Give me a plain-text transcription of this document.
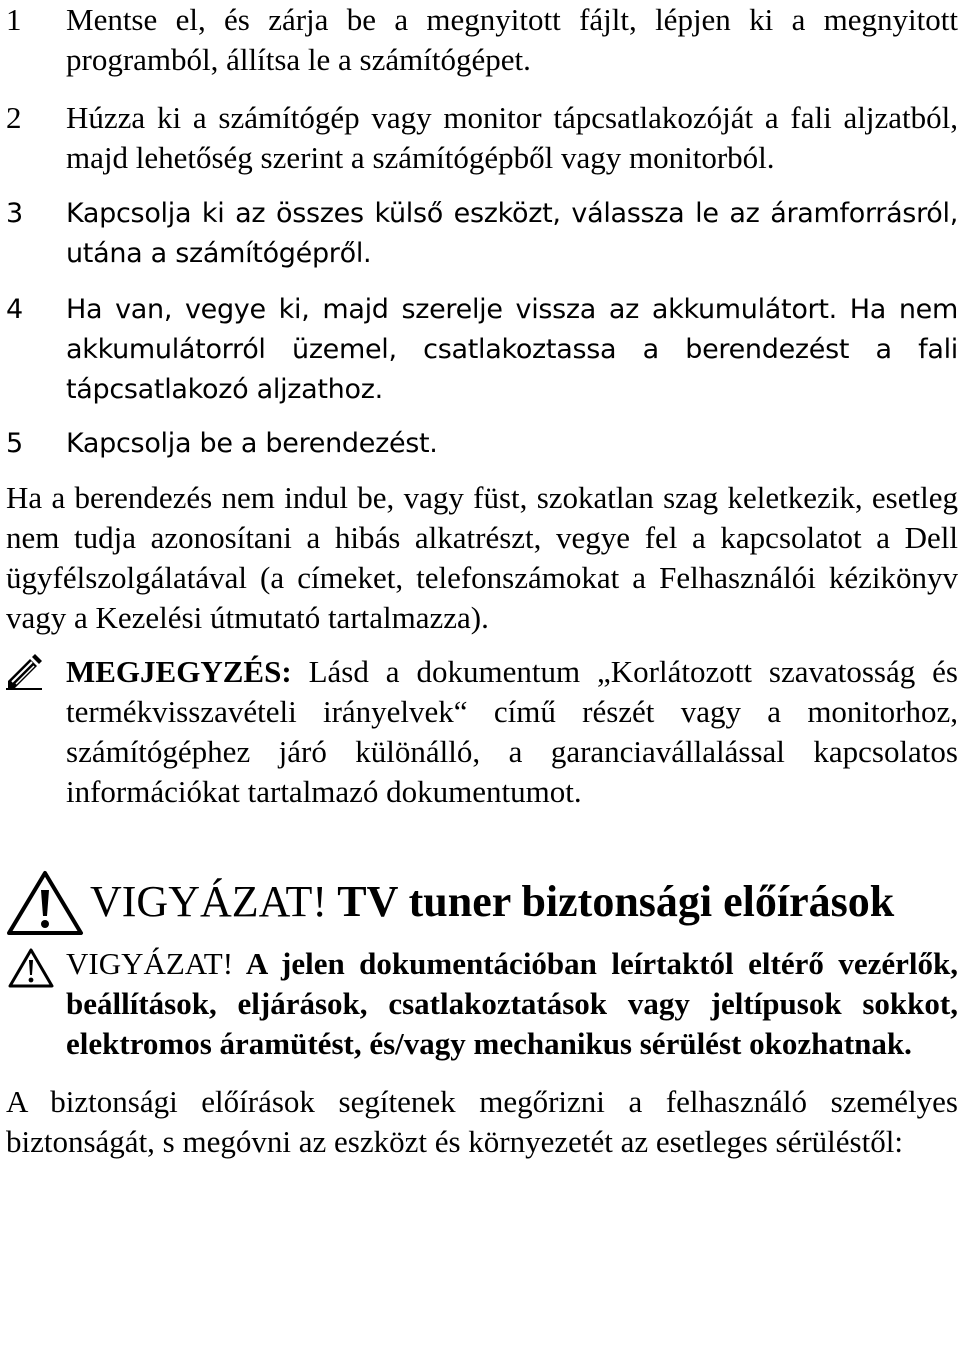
1 Mentse el, és zárja be a megnyitott fájlt, lépjen ki a megnyitott programból, állítsa le a számítógépet.
2 Húzza ki a számítógép vagy monitor tápcsatlakozóját a fali aljzatból, majd lehetőség szerint a számítógépből vagy monitorból.
3 Kapcsolja ki az összes külső eszközt, válassza le az áramforrásról, utána a számítógépről.
4 Ha van, vegye ki, majd szerelje vissza az akkumulátort. Ha nem akkumulátorról üzemel, csatlakoztassa a berendezést a fali tápcsatlakozó aljzathoz.
5 Kapcsolja be a berendezést.
Ha a berendezés nem indul be, vagy füst, szokatlan szag keletkezik, esetleg nem tudja azonosítani a hibás alkatrészt, vegye fel a kapcsolatot a Dell ügyfélszolgálatával (a címeket, telefonszámokat a Felhasználói kézikönyv vagy a Kezelési útmutató tartalmazza).
MEGJEGYZÉS: Lásd a dokumentum „Korlátozott szavatosság és termékvisszavételi irányelvek“ című részét vagy a monitorhoz, számítógéphez járó különálló, a garanciavállalással kapcsolatos információkat tartalmazó dokumentumot.
VIGYÁZAT! TV tuner biztonsági előírások
VIGYÁZAT! A jelen dokumentációban leírtaktól eltérő vezérlők, beállítások, eljárások, csatlakoztatások vagy jeltípusok sokkot, elektromos áramütést, és/vagy mechanikus sérülést okozhatnak.
A biztonsági előírások segítenek megőrizni a felhasználó személyes biztonságát, s megóvni az eszközt és környezetét az esetleges sérüléstől:
